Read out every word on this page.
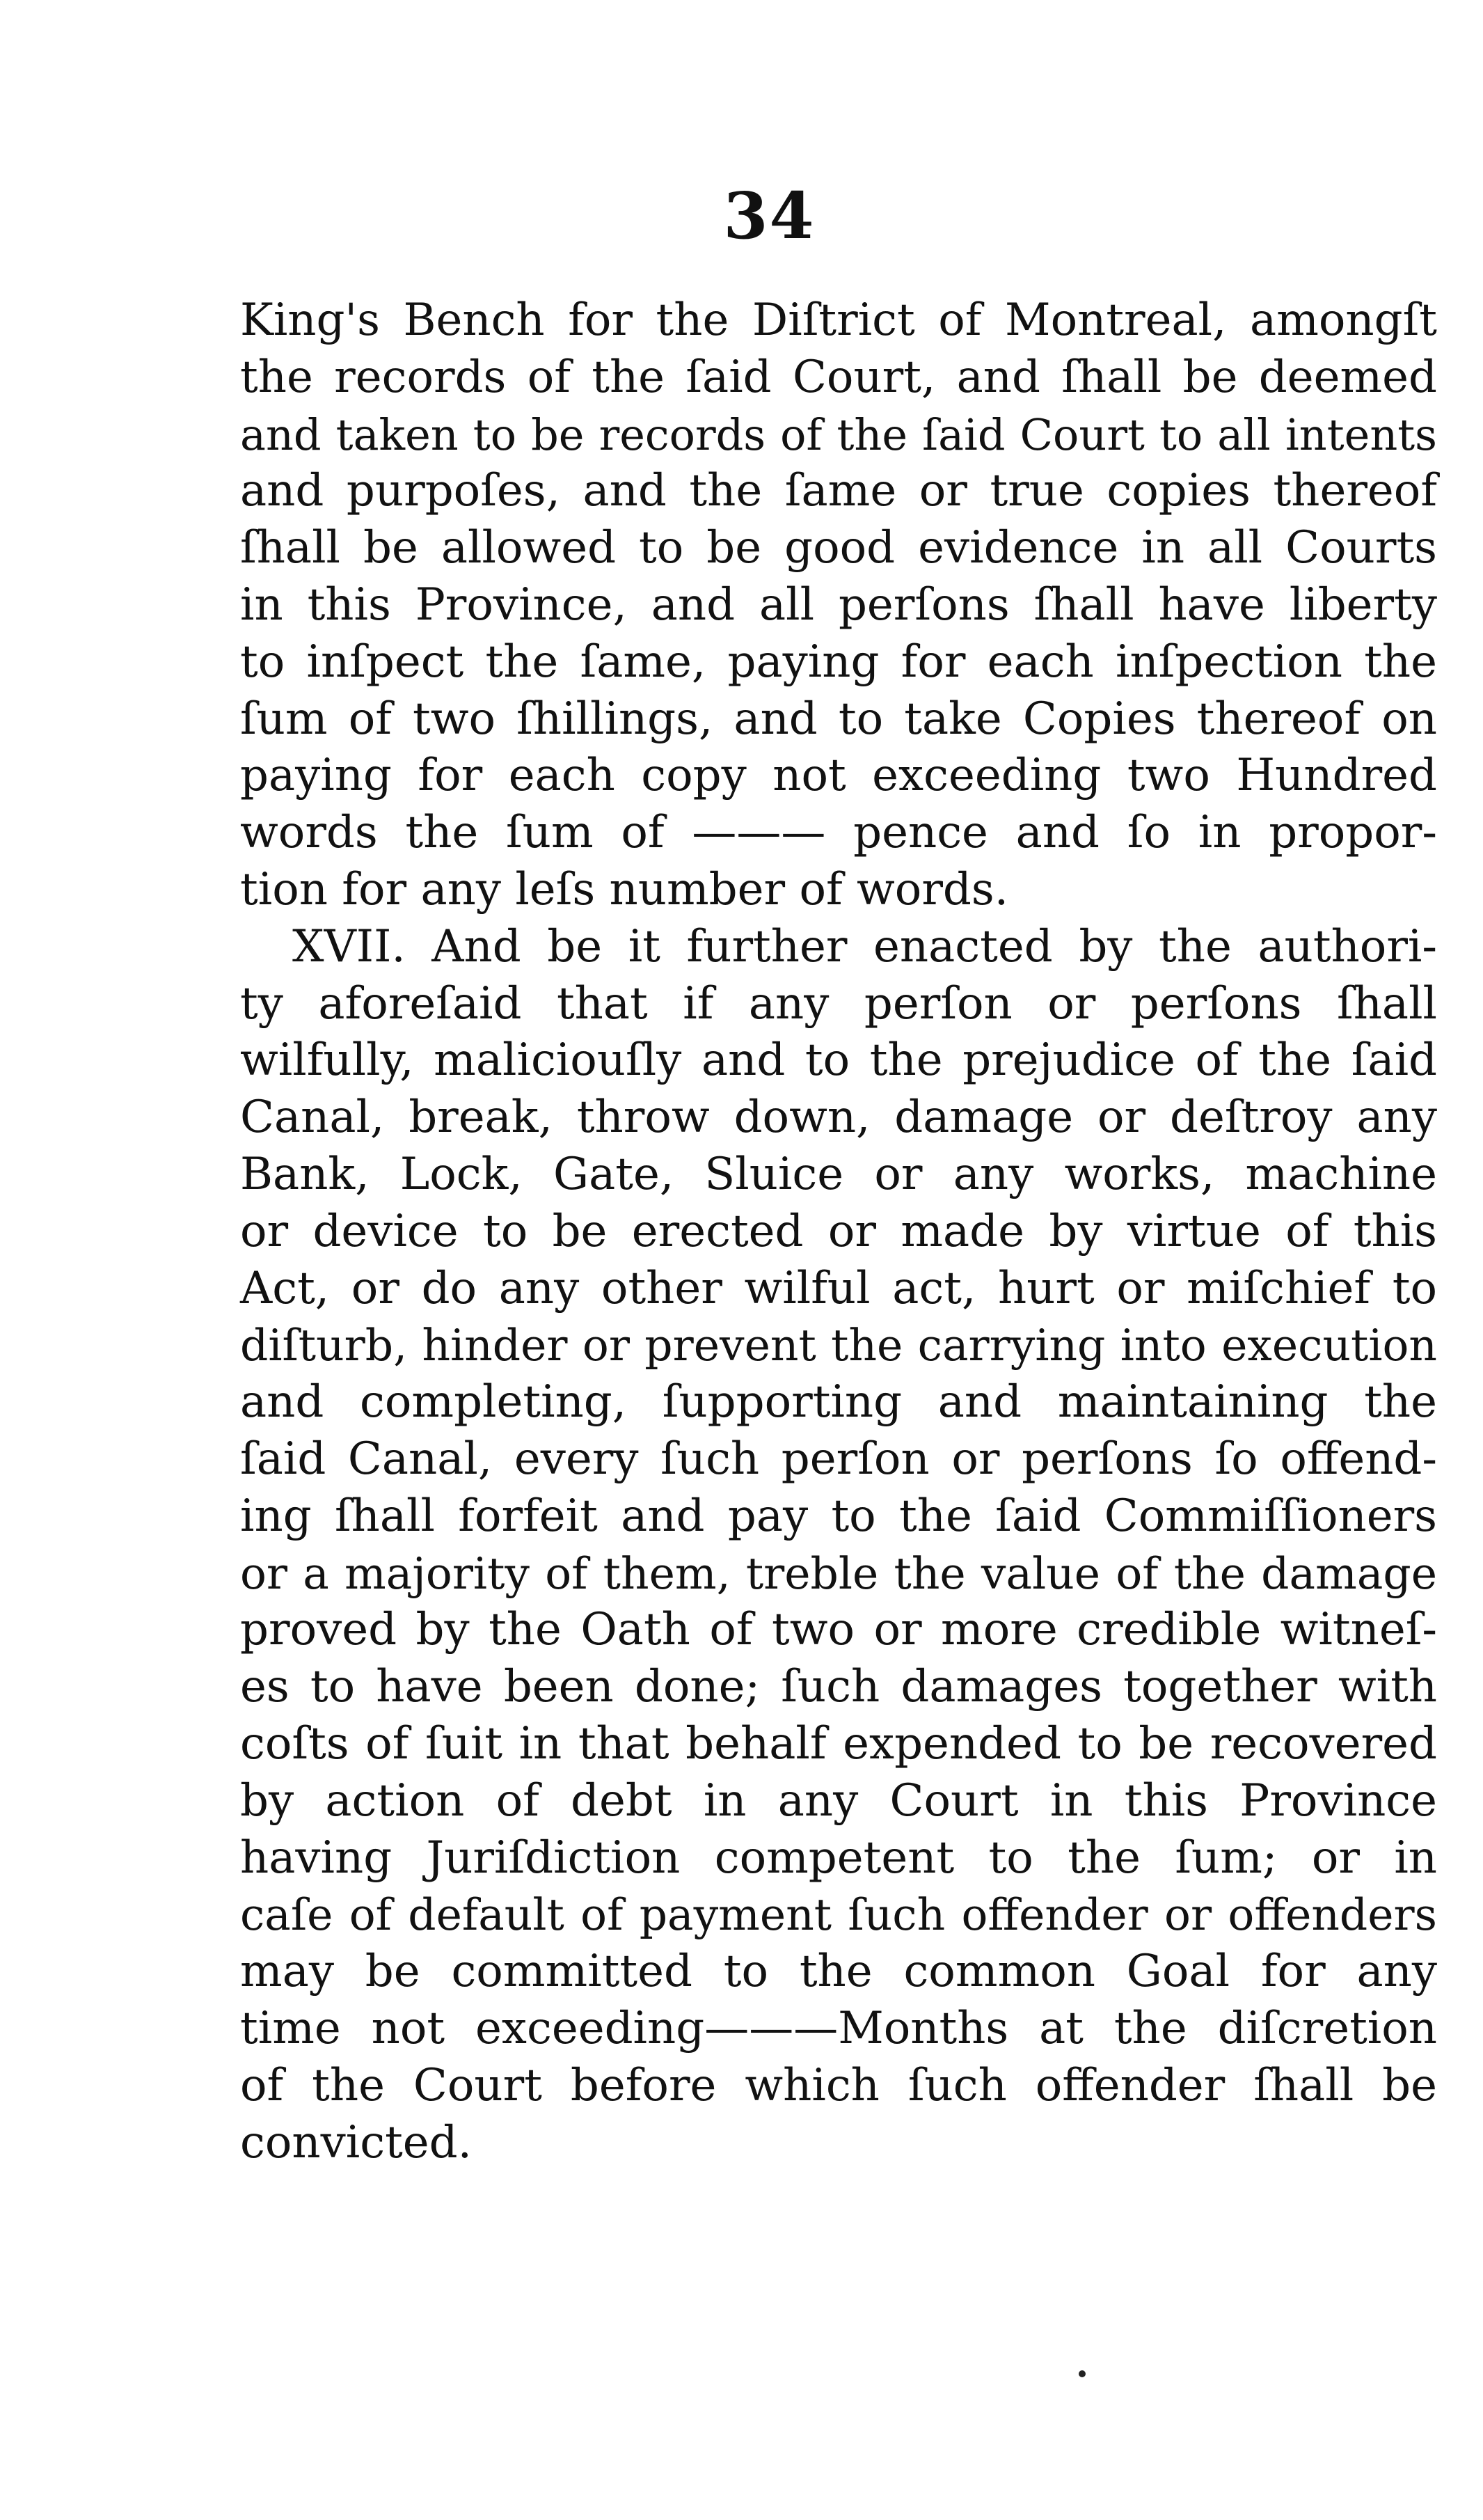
34
King's Bench for the Diſtrict of Montreal, amongſt
the records of the ſaid Court, and ſhall be deemed
and taken to be records of the ſaid Court to all intents
and purpoſes, and the ſame or true copies thereof
ſhall be allowed to be good evidence in all Courts
in this Province, and all perſons ſhall have liberty
to inſpect the ſame, paying for each inſpection the
ſum of two ſhillings, and to take Copies thereof on
paying for each copy not exceeding two Hundred
words the ſum of ——— pence and ſo in propor-
tion for any leſs number of words.
XVII. And be it further enacted by the authori-
ty aforeſaid that if any perſon or perſons ſhall
wilfully, maliciouſly and to the prejudice of the ſaid
Canal, break, throw down, damage or deſtroy any
Bank, Lock, Gate, Sluice or any works, machine
or device to be erected or made by virtue of this
Act, or do any other wilful act, hurt or miſchief to
diſturb, hinder or prevent the carrying into execution
and completing, ſupporting and maintaining the
ſaid Canal, every ſuch perſon or perſons ſo offend-
ing ſhall forfeit and pay to the ſaid Commiſſioners
or a majority of them, treble the value of the damage
proved by the Oath of two or more credible witneſ-
es to have been done; ſuch damages together with
coſts of ſuit in that behalf expended to be recovered
by action of debt in any Court in this Province
having Juriſdiction competent to the ſum; or in
caſe of default of payment ſuch offender or offenders
may be committed to the common Goal for any
time not exceeding———Months at the diſcretion
of the Court before which ſuch offender ſhall be
convicted.
